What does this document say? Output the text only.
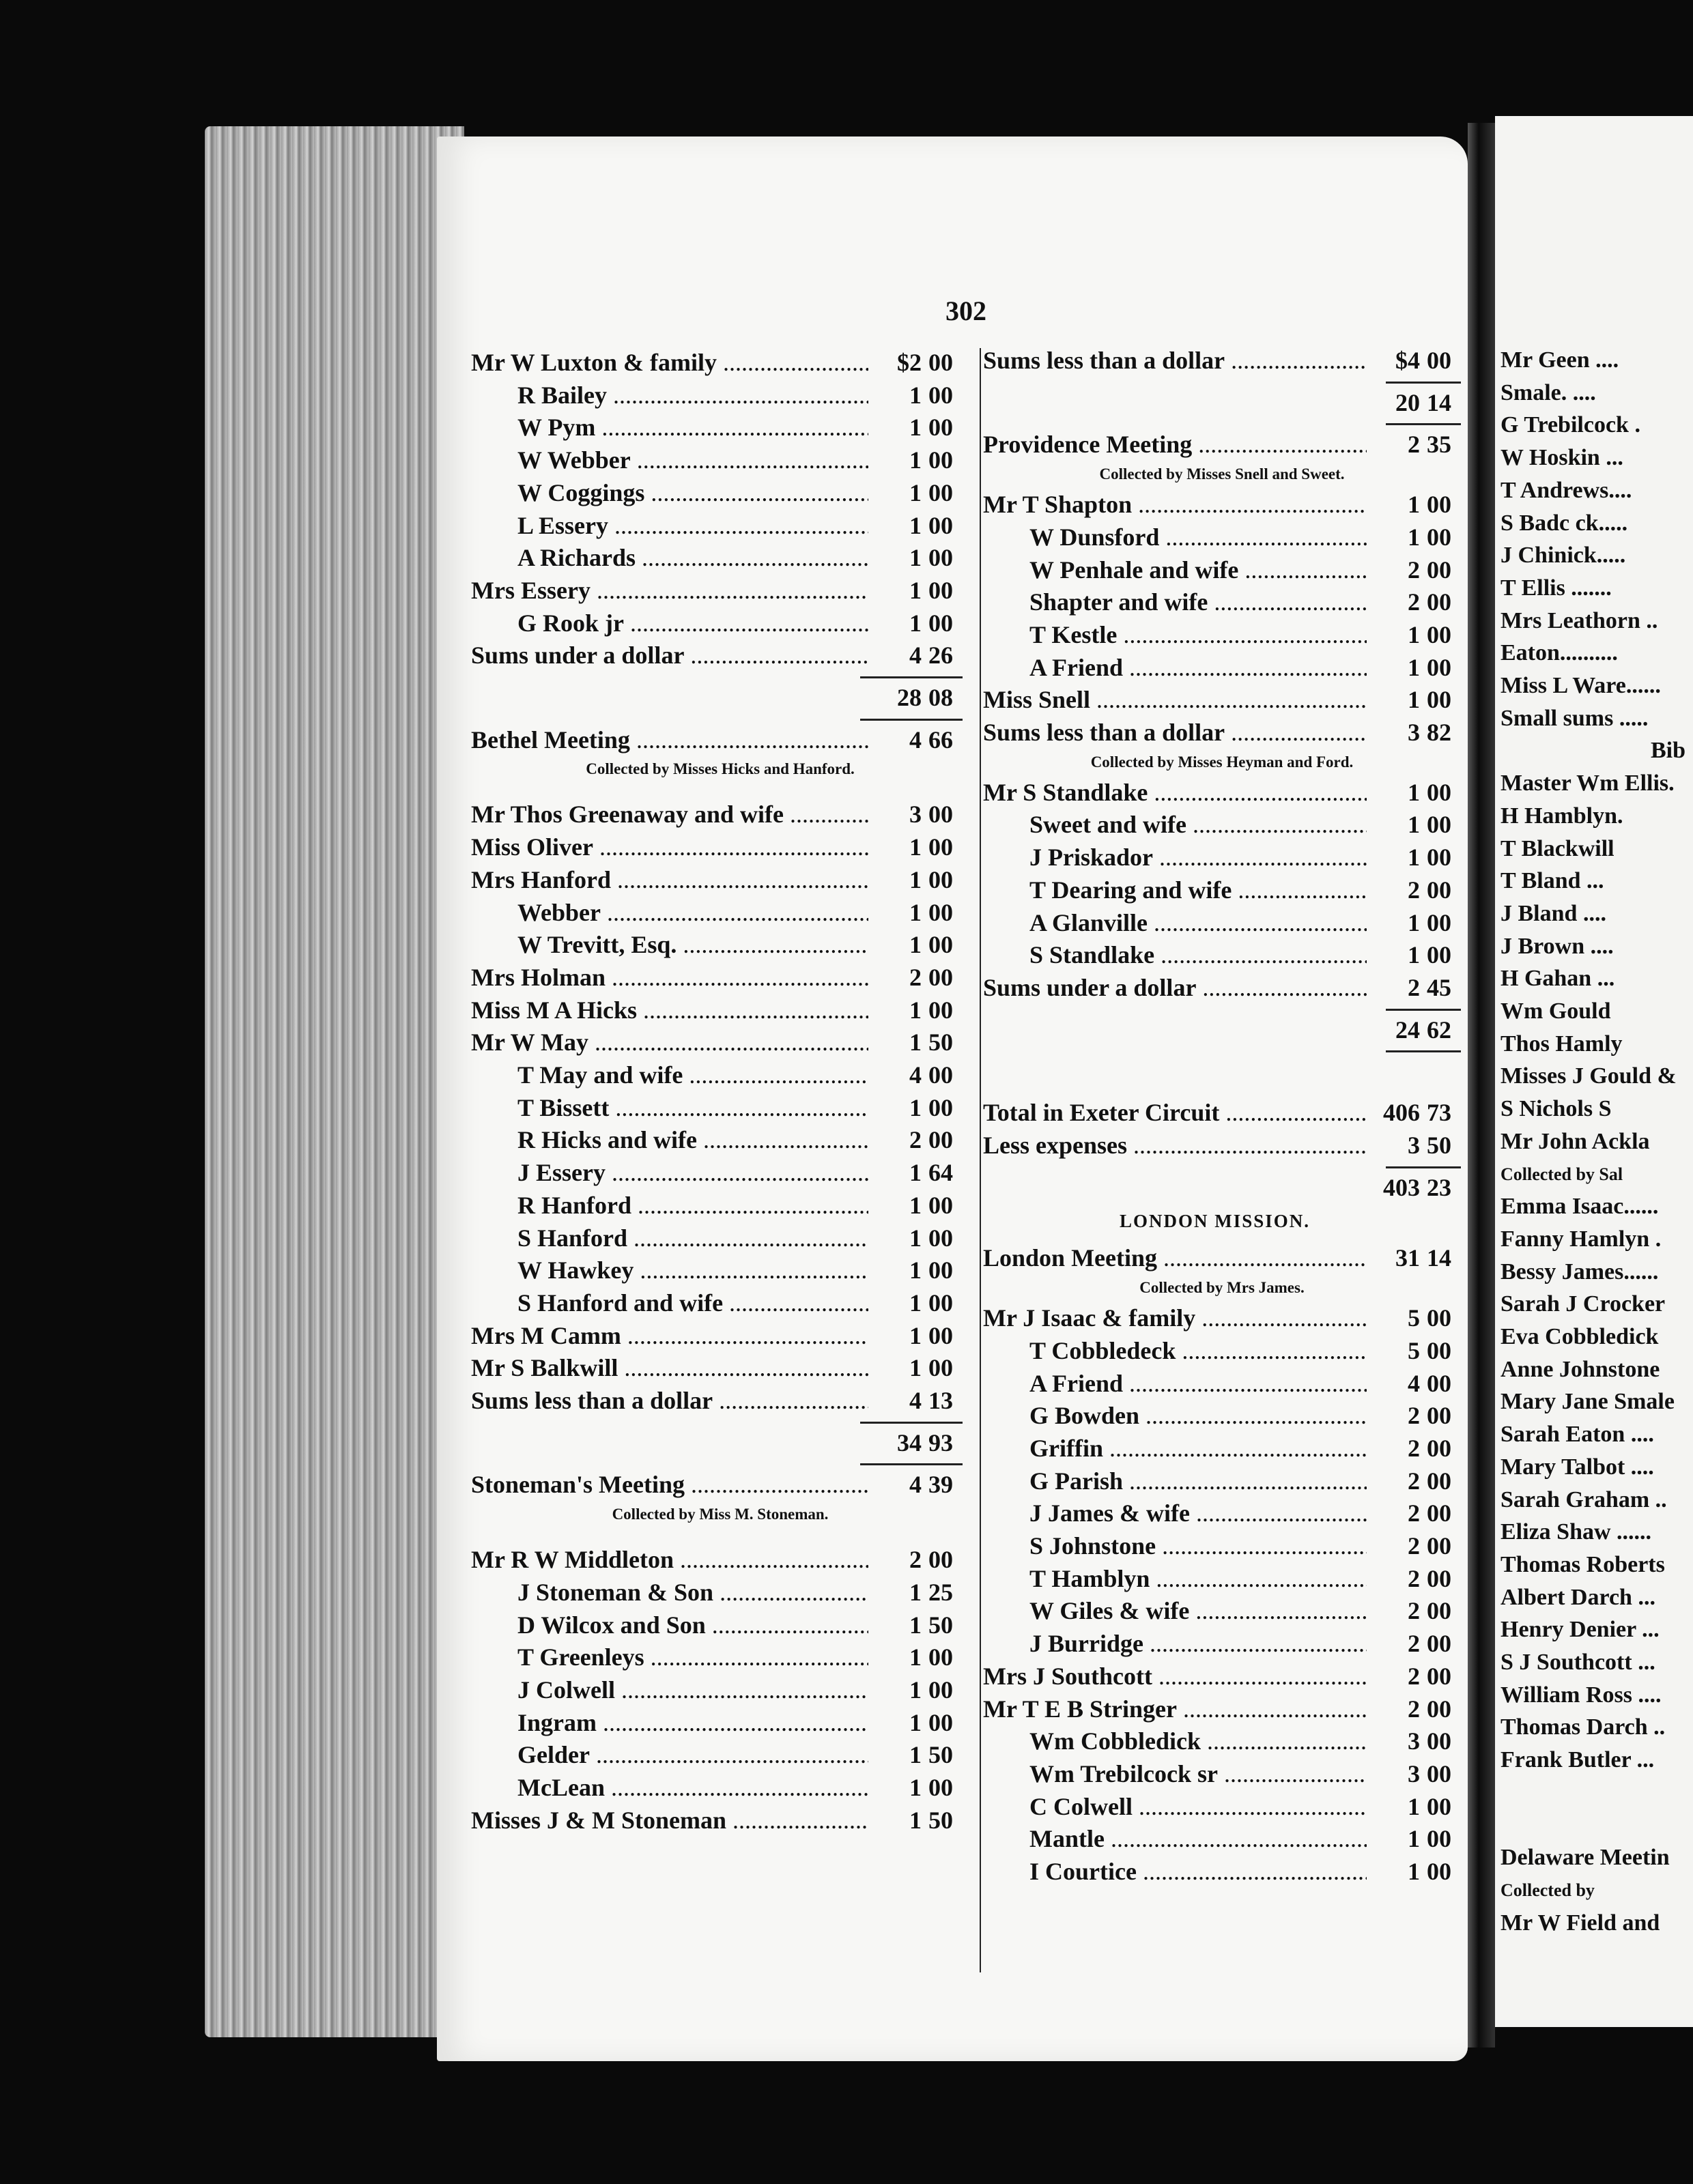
302
Mr W Luxton & family .....	$2 00
R Bailey .....	1 00
W Pym .....	1 00
W Webber .....	1 00
W Coggings .....	1 00
L Essery .....	1 00
A Richards .....	1 00
Mrs Essery .....	1 00
G Rook jr .....	1 00
Sums under a dollar .....	4 26
28 08
Bethel Meeting .....	4 66
Collected by Misses Hicks and Hanford.
Mr Thos Greenaway and wife .....	3 00
Miss Oliver .....	1 00
Mrs Hanford .....	1 00
Webber .....	1 00
W Trevitt, Esq. .....	1 00
Mrs Holman .....	2 00
Miss M A Hicks .....	1 00
Mr W May .....	1 50
T May and wife .....	4 00
T Bissett .....	1 00
R Hicks and wife .....	2 00
J Essery .....	1 64
R Hanford .....	1 00
S Hanford .....	1 00
W Hawkey .....	1 00
S Hanford and wife .....	1 00
Mrs M Camm .....	1 00
Mr S Balkwill .....	1 00
Sums less than a dollar .....	4 13
34 93
Stoneman's Meeting .....	4 39
Collected by Miss M. Stoneman.
Mr R W Middleton .....	2 00
J Stoneman & Son .....	1 25
D Wilcox and Son .....	1 50
T Greenleys .....	1 00
J Colwell .....	1 00
Ingram .....	1 00
Gelder .....	1 50
McLean .....	1 00
Misses J & M Stoneman .....	1 50
Sums less than a dollar .....	$4 00
20 14
Providence Meeting .....	2 35
Collected by Misses Snell and Sweet.
Mr T Shapton .....	1 00
W Dunsford .....	1 00
W Penhale and wife .....	2 00
Shapter and wife .....	2 00
T Kestle .....	1 00
A Friend .....	1 00
Miss Snell .....	1 00
Sums less than a dollar .....	3 82
Collected by Misses Heyman and Ford.
Mr S Standlake .....	1 00
Sweet and wife .....	1 00
J Priskador .....	1 00
T Dearing and wife .....	2 00
A Glanville .....	1 00
S Standlake .....	1 00
Sums under a dollar .....	2 45
24 62
Total in Exeter Circuit .....	406 73
Less expenses .....	3 50
403 23
LONDON MISSION.
London Meeting .....	31 14
Collected by Mrs James.
Mr J Isaac & family .....	5 00
T Cobbledeck .....	5 00
A Friend .....	4 00
G Bowden .....	2 00
Griffin .....	2 00
G Parish .....	2 00
J James & wife .....	2 00
S Johnstone .....	2 00
T Hamblyn .....	2 00
W Giles & wife .....	2 00
J Burridge .....	2 00
Mrs J Southcott .....	2 00
Mr T E B Stringer .....	2 00
Wm Cobbledick .....	3 00
Wm Trebilcock sr .....	3 00
C Colwell .....	1 00
Mantle .....	1 00
I Courtice .....	1 00
Mr Geen ....
Smale. ....
G Trebilcock .
W Hoskin ...
T Andrews....
S Badc ck.....
J Chinick.....
T Ellis .......
Mrs Leathorn ..
Eaton..........
Miss L Ware......
Small sums .....
Bib
Master Wm Ellis.
H Hamblyn.
T Blackwill
T Bland ...
J Bland ....
J Brown ....
H Gahan ...
Wm Gould
Thos Hamly
Misses J Gould &
S Nichols S
Mr John Ackla
Collected by Sal
Emma Isaac......
Fanny Hamlyn .
Bessy James......
Sarah J Crocker
Eva Cobbledick
Anne Johnstone
Mary Jane Smale
Sarah Eaton ....
Mary Talbot ....
Sarah Graham ..
Eliza Shaw ......
Thomas Roberts
Albert Darch ...
Henry Denier ...
S J Southcott ...
William Ross ....
Thomas Darch ..
Frank Butler ...
Delaware Meetin
Collected by
Mr W Field and
